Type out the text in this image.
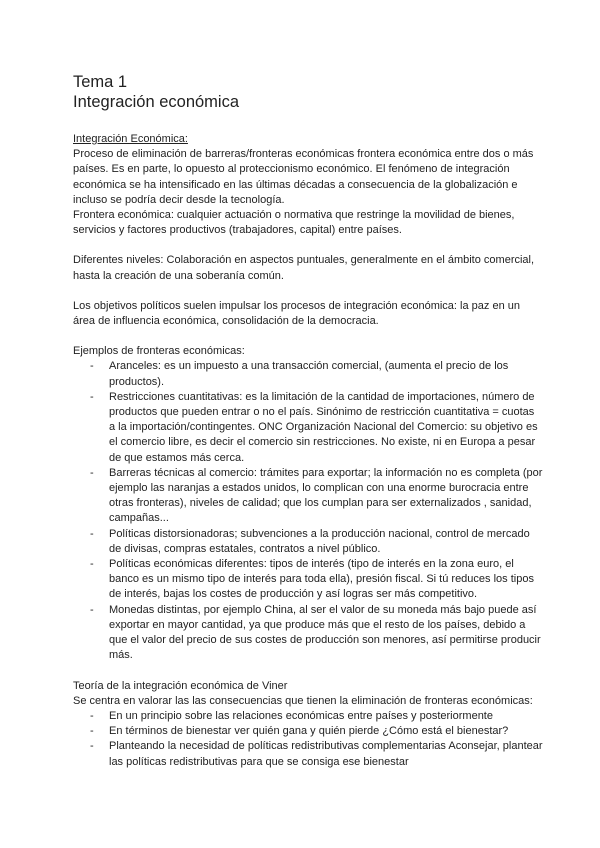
Tema 1
Integración económica

Integración Económica:

Proceso de eliminación de barreras/fronteras económicas frontera económica entre dos o más países. Es en parte, lo opuesto al proteccionismo económico. El fenómeno de integración económica se ha intensificado en las últimas décadas a consecuencia de la globalización e incluso se podría decir desde la tecnología.

Frontera económica: cualquier actuación o normativa que restringe la movilidad de bienes, servicios y factores productivos (trabajadores, capital) entre países.

Diferentes niveles: Colaboración en aspectos puntuales, generalmente en el ámbito comercial, hasta la creación de una soberanía común.

Los objetivos políticos suelen impulsar los procesos de integración económica: la paz en un área de influencia económica, consolidación de la democracia.

Ejemplos de fronteras económicas:

- Aranceles: es un impuesto a una transacción comercial, (aumenta el precio de los productos).
- Restricciones cuantitativas: es la limitación de la cantidad de importaciones, número de productos que pueden entrar o no el país. Sinónimo de restricción cuantitativa = cuotas a la importación/contingentes. ONC Organización Nacional del Comercio: su objetivo es el comercio libre, es decir el comercio sin restricciones. No existe, ni en Europa a pesar de que estamos más cerca.
- Barreras técnicas al comercio: trámites para exportar; la información no es completa (por ejemplo las naranjas a estados unidos, lo complican con una enorme burocracia entre otras fronteras), niveles de calidad; que los cumplan para ser externalizados , sanidad, campañas...
- Políticas distorsionadoras; subvenciones a la producción nacional, control de mercado de divisas, compras estatales, contratos a nivel público.
- Políticas económicas diferentes: tipos de interés (tipo de interés en la zona euro, el banco es un mismo tipo de interés para toda ella), presión fiscal. Si tú reduces los tipos de interés, bajas los costes de producción y así logras ser más competitivo.
- Monedas distintas, por ejemplo China, al ser el valor de su moneda más bajo puede así exportar en mayor cantidad, ya que produce más que el resto de los países, debido a que el valor del precio de sus costes de producción son menores, así permitirse producir más.

Teoría de la integración económica de Viner

Se centra en valorar las las consecuencias que tienen la eliminación de fronteras económicas:

- En un principio sobre las relaciones económicas entre países y posteriormente
- En términos de bienestar ver quién gana y quién pierde ¿Cómo está el bienestar?
- Planteando la necesidad de políticas redistributivas complementarias Aconsejar, plantear las políticas redistributivas para que se consiga ese bienestar
